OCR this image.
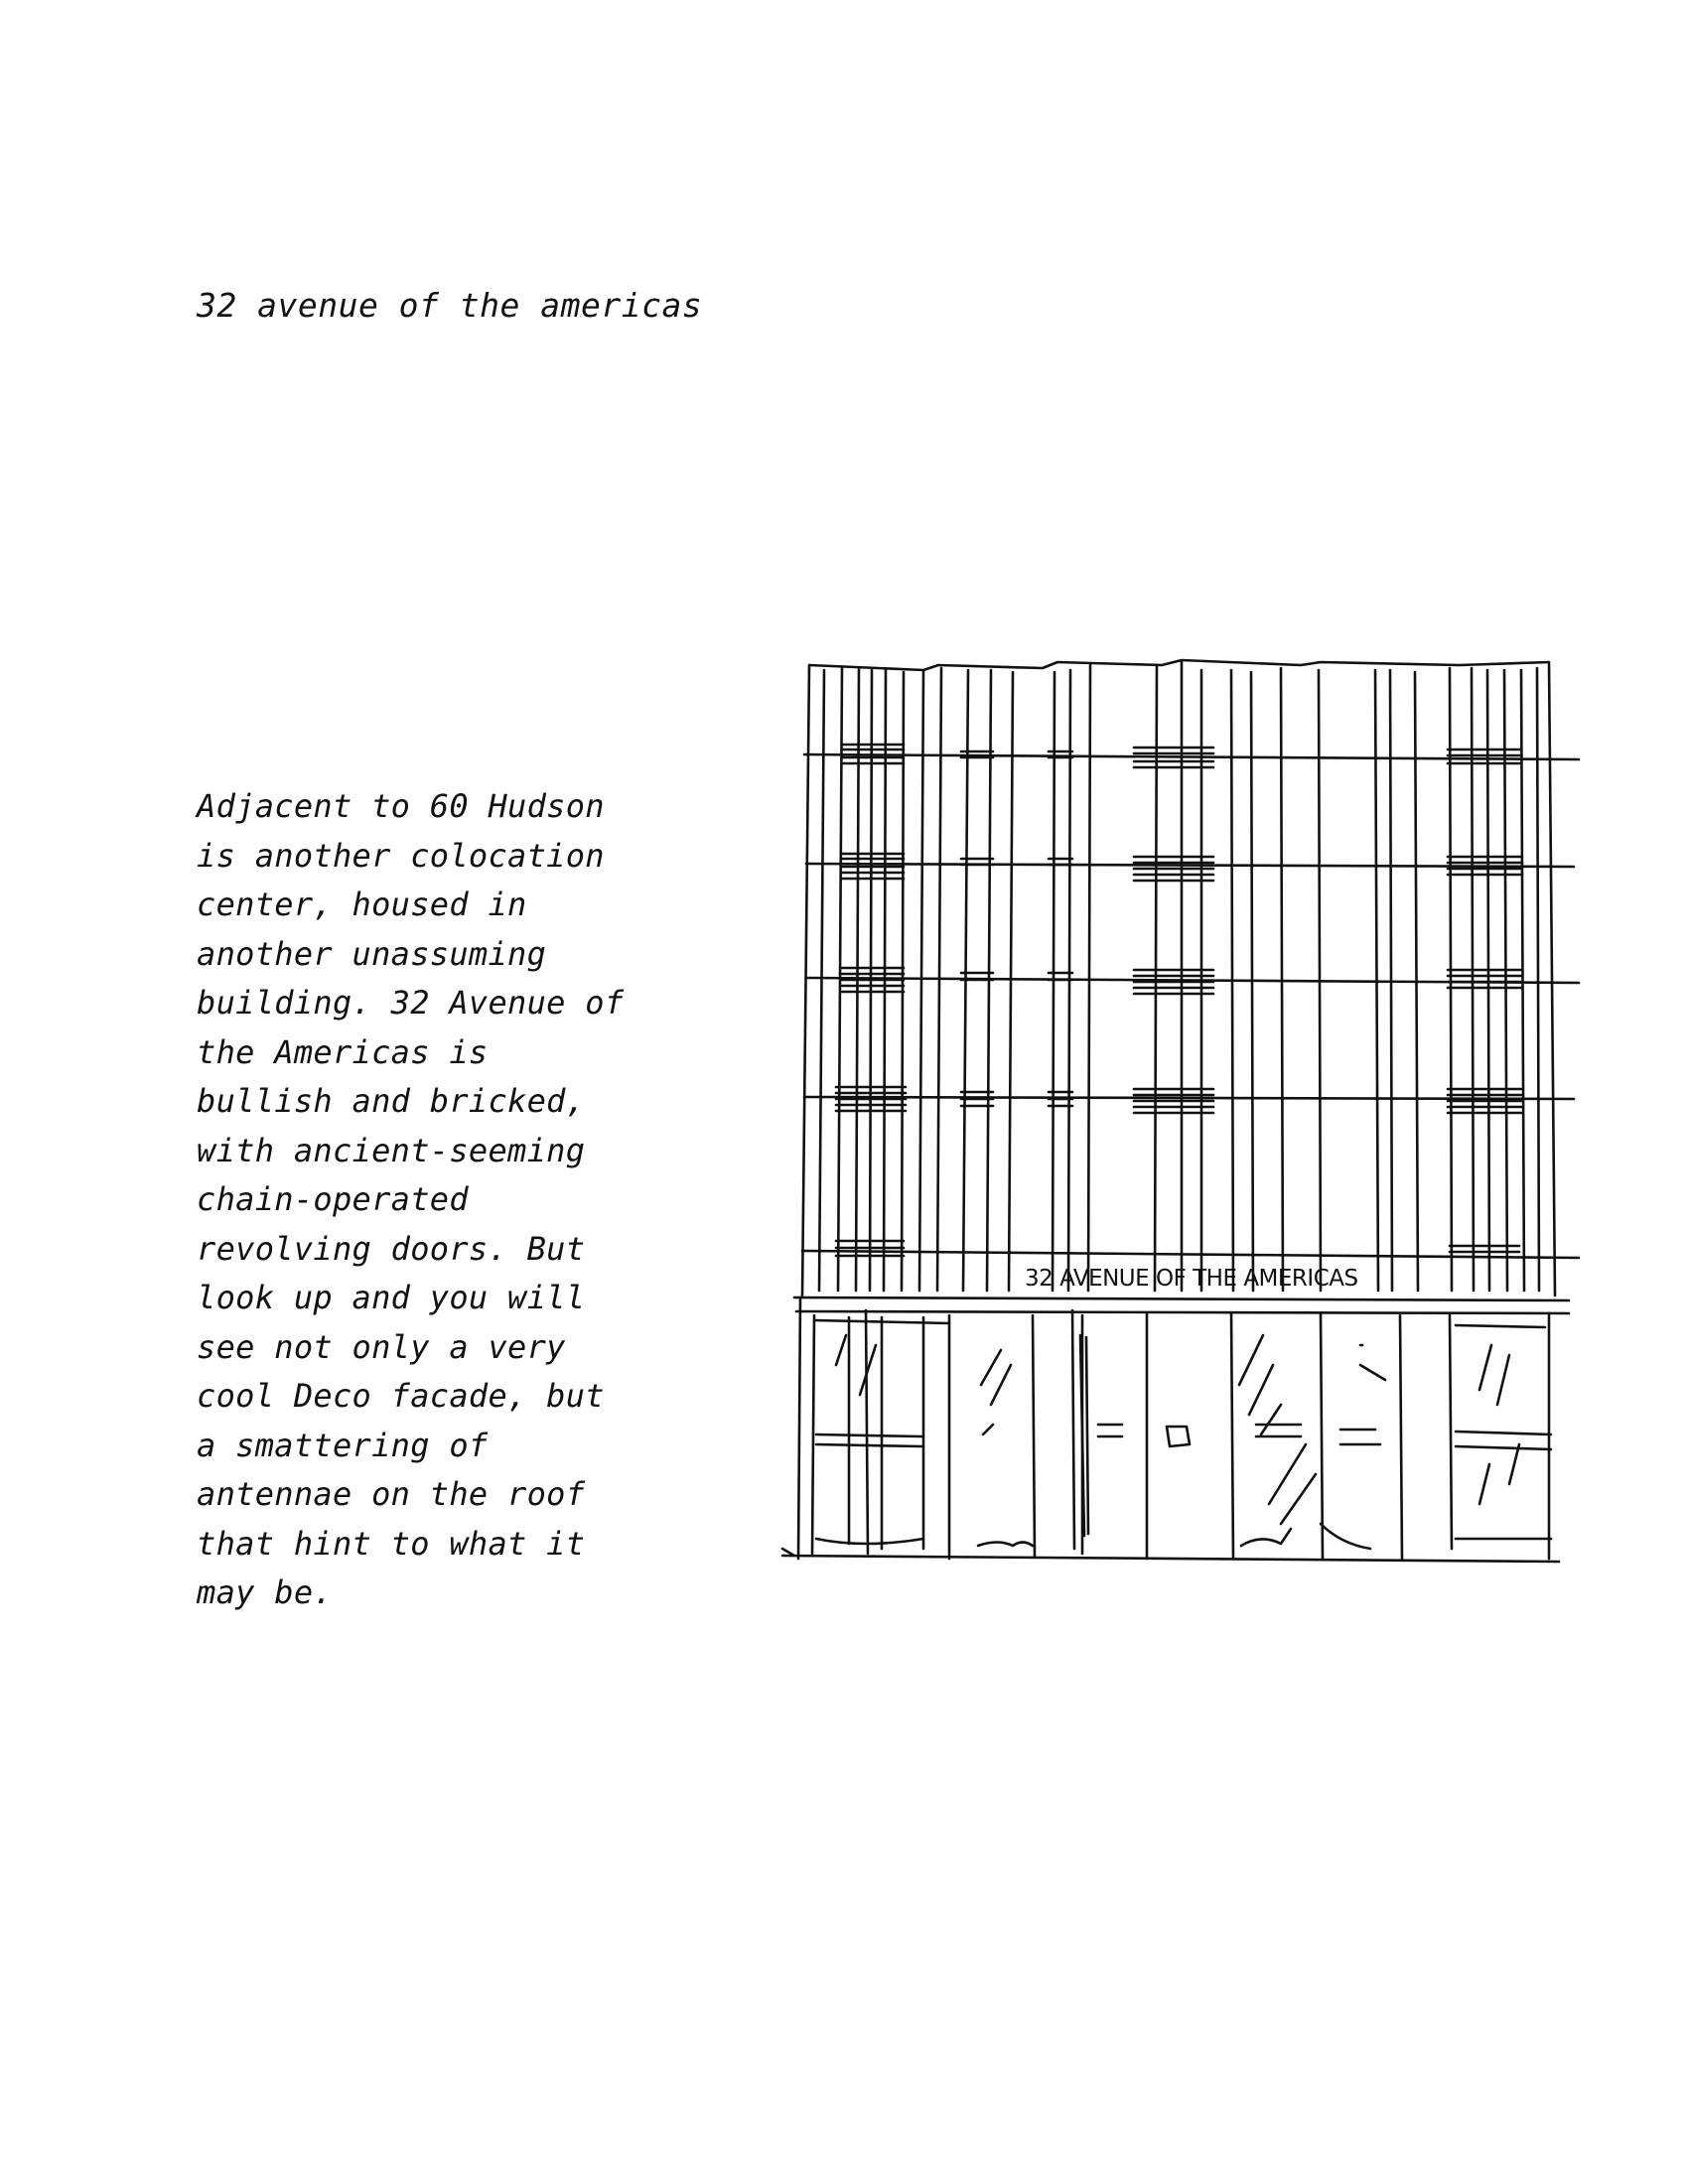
32 avenue of the americas
Adjacent to 60 Hudson
is another colocation
center, housed in
another unassuming
building. 32 Avenue of
the Americas is
bullish and bricked,
with ancient-seeming
chain-operated
revolving doors. But
look up and you will
see not only a very
cool Deco facade, but
a smattering of
antennae on the roof
that hint to what it
may be.
32 AVENUE OF THE AMERICAS
